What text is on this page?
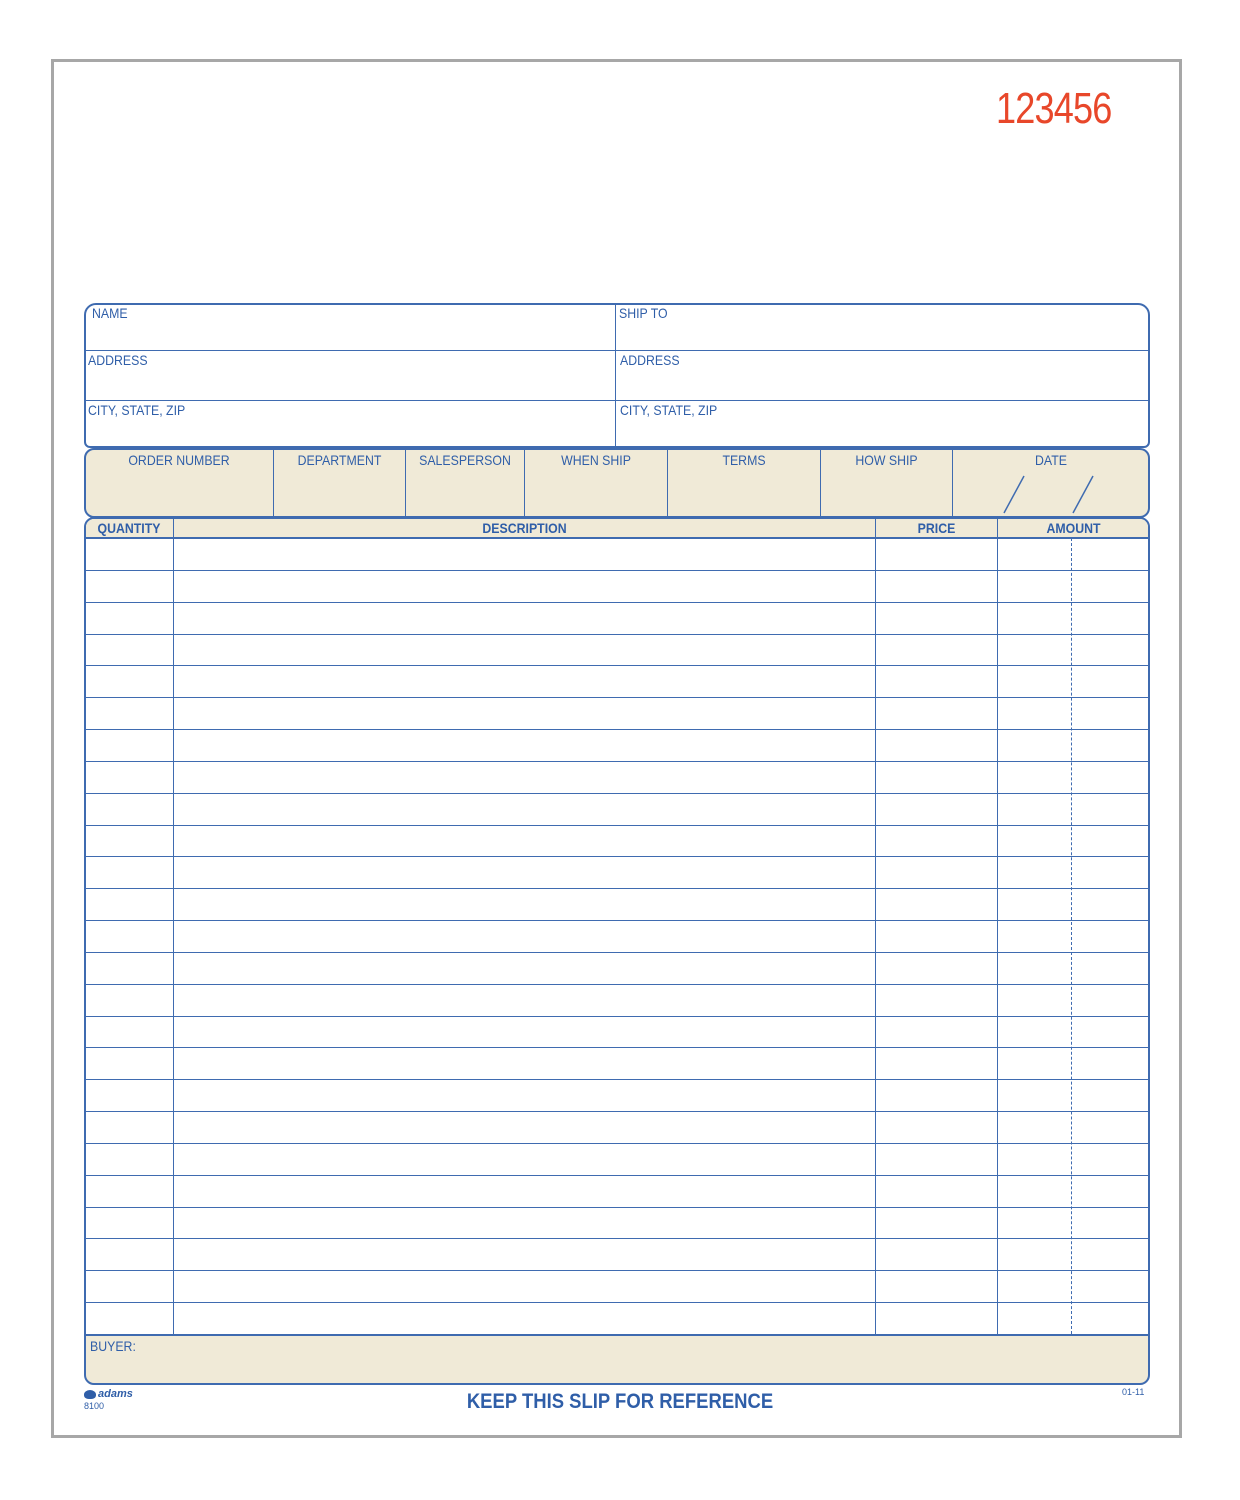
123456
NAME
ADDRESS
CITY, STATE, ZIP
SHIP TO
ADDRESS
CITY, STATE, ZIP
ORDER NUMBER	DEPARTMENT	SALESPERSON	WHEN SHIP	TERMS	HOW SHIP	DATE
QUANTITY	DESCRIPTION	PRICE	AMOUNT
BUYER:
adams
8100
01-11
KEEP THIS SLIP FOR REFERENCE
